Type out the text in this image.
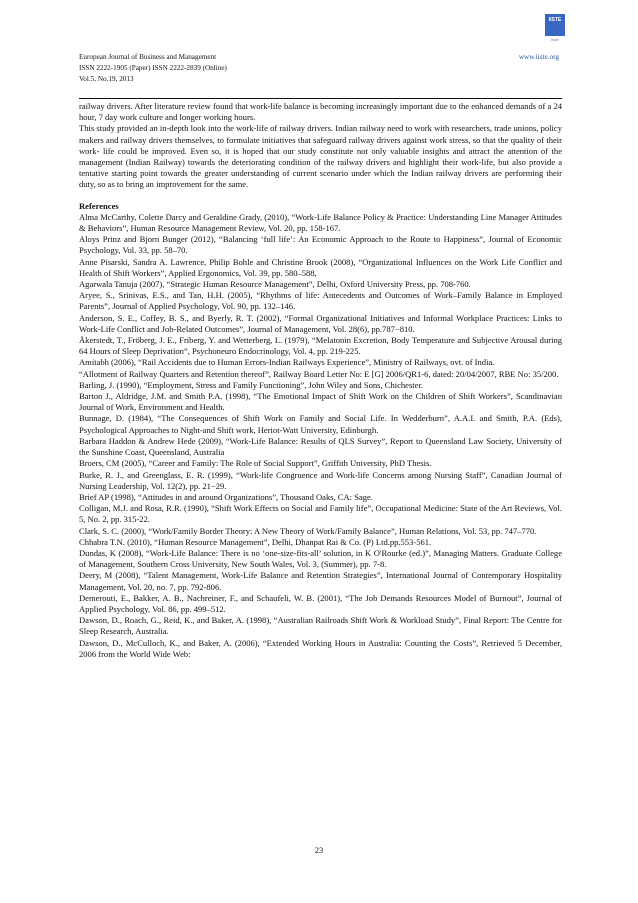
European Journal of Business and Management
ISSN 2222-1905 (Paper) ISSN 2222-2839 (Online)
Vol.5, No.19, 2013
www.iiste.org
IISTE
iiste

railway drivers. After literature review found that work-life balance is becoming increasingly important due to the enhanced demands of a 24 hour, 7 day work culture and longer working hours.

This study provided an in-depth look into the work-life of railway drivers. Indian railway need to work with researchers, trade unions, policy makers and railway drivers themselves, to formulate initiatives that safeguard railway drivers against work stress, so that the quality of their work- life could be improved. Even so, it is hoped that our study constitute not only valuable insights and attract the attention of the management (Indian Railway) towards the deteriorating condition of the railway drivers and highlight their work-life, but also provide a tentative starting point towards the greater understanding of current scenario under which the Indian railway drivers are performing their duty, so as to bring an improvement for the same.

References

Alma McCarthy, Colette Darcy and Geraldine Grady, (2010), “Work-Life Balance Policy & Practice: Understanding Line Manager Attitudes & Behaviors”, Human Resource Management Review, Vol. 20, pp. 158-167.

Aloys Prinz and Bjorn Bunger (2012), “Balancing ‘full life’: An Economic Approach to the Route to Happiness”, Journal of Economic Psychology, Vol. 33, pp. 58–70.

Anne Pisarski, Sandra A. Lawrence, Philip Bohle and Christine Brook (2008), “Organizational Influences on the Work Life Conflict and Health of Shift Workers”, Applied Ergonomics, Vol. 39, pp. 580–588,

Agarwala Tanuja (2007), “Strategic Human Resource Management”, Delhi, Oxford University Press, pp. 708-760.

Aryee, S., Srinivas, E.S., and Tan, H.H. (2005), “Rhythms of life: Antecedents and Outcomes of Work–Family Balance in Employed Parents”, Journal of Applied Psychology, Vol. 90, pp. 132–146.

Anderson, S. E., Coffey, B. S., and Byerly, R. T. (2002), “Formal Organizational Initiatives and Informal Workplace Practices: Links to Work-Life Conflict and Job-Related Outcomes”, Journal of Management, Vol. 28(6), pp.787−810.

Åkerstedt, T., Fröberg, J. E., Friberg, Y. and Wetterberg, L. (1979), “Melatonin Excretion, Body Temperature and Subjective Arousal during 64 Hours of Sleep Deprivation”, Psychoneuro Endocrinology, Vol. 4, pp. 219-225.

Amitabh (2006), “Rail Accidents due to Human Errors-Indian Railways Experience”, Ministry of Railways, ovt. of India.

“Allotment of Railway Quarters and Retention thereof”, Railway Board Letter No: E [G] 2006/QR1-6, dated: 20/04/2007, RBE No: 35/200.

Barling, J. (1990), “Employment, Stress and Family Functioning”, John Wiley and Sons, Chichester.

Barton J., Aldridge, J.M. and Smith P.A. (1998), “The Emotional Impact of Shift Work on the Children of Shift Workers”, Scandinavian Journal of Work, Environment and Health.

Bunnage, D. (1984), “The Consequences of Shift Work on Family and Social Life. In Wedderburn”, A.A.I. and Smith, P.A. (Eds), Psychological Approaches to Night-and Shift work, Heriot-Watt University, Edinburgh.

Barbara Haddon & Andrew Hede (2009), “Work-Life Balance: Results of QLS Survey”, Report to Queensland Law Society, University of the Sunshine Coast, Queensland, Australia

Broers, CM (2005), “Career and Family: The Role of Social Support”, Griffith University, PhD Thesis.

Burke, R. J., and Greenglass, E. R. (1999), “Work-life Congruence and Work-life Concerns among Nursing Staff”, Canadian Journal of Nursing Leadership, Vol. 12(2), pp. 21−29.

Brief AP (1998), “Attitudes in and around Organizations”, Thousand Oaks, CA: Sage.

Colligan, M.J. and Rosa, R.R. (1990), “Shift Work Effects on Social and Family life”, Occupational Medicine: State of the Art Reviews, Vol. 5, No. 2, pp. 315-22.

Clark, S. C. (2000), “Work/Family Border Theory: A New Theory of Work/Family Balance”, Human Relations, Vol. 53, pp. 747–770.

Chhabra T.N. (2010), “Human Resource Management”, Delhi, Dhanpat Rai & Co. (P) Ltd.pp.553-561.

Dundas, K (2008), “Work-Life Balance: There is no ‘one-size-fits-all’ solution, in K O'Rourke (ed.)”, Managing Matters. Graduate College of Management, Southern Cross University, New South Wales, Vol. 3, (Summer), pp. 7-8.

Deery, M (2008), “Talent Management, Work-Life Balance and Retention Strategies”, International Journal of Contemporary Hospitality Management, Vol. 20, no. 7, pp. 792-806.

Demerouti, E., Bakker, A. B., Nachreiner, F., and Schaufeli, W. B. (2001), “The Job Demands Resources Model of Burnout”, Journal of Applied Psychology, Vol. 86, pp. 499–512.

Dawson, D., Roach, G., Reid, K., and Baker, A. (1998), “Australian Railroads Shift Work & Workload Study”, Final Report: The Centre for Sleep Research, Australia.

Dawson, D., McCulloch, K., and Baker, A. (2006), “Extended Working Hours in Australia: Counting the Costs”, Retrieved 5 December, 2006 from the World Wide Web:

23
